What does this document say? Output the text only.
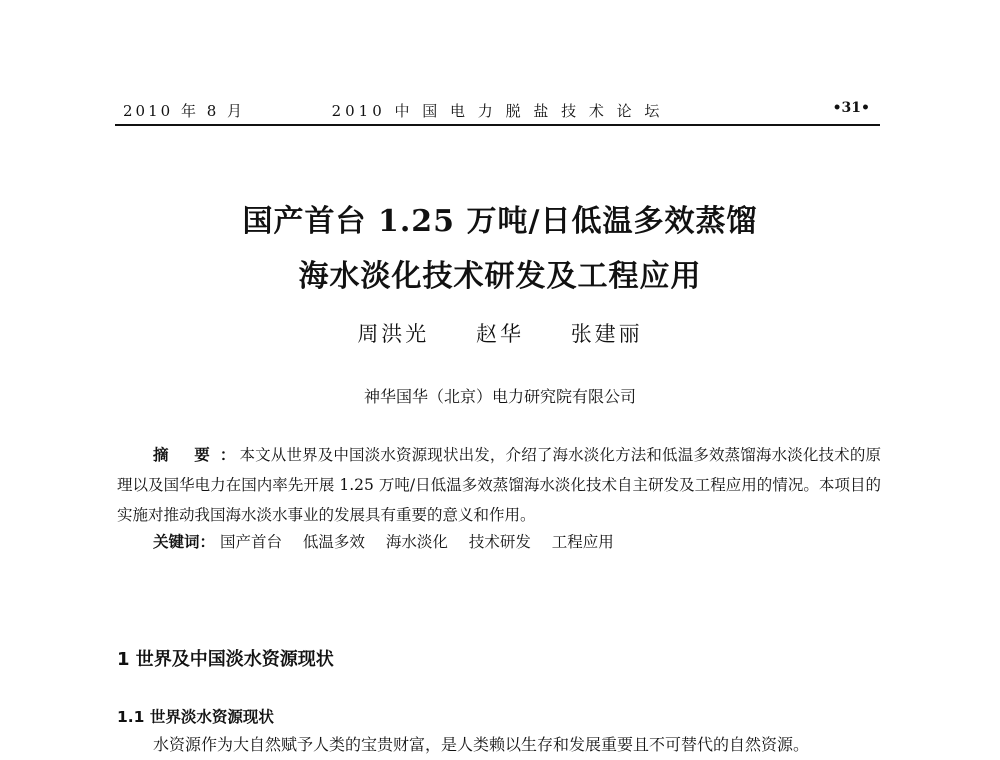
2010 年 8 月	2010 中 国 电 力 脱 盐 技 术 论 坛	•31•
国产首台 1.25 万吨/日低温多效蒸馏
海水淡化技术研发及工程应用
周洪光 赵华 张建丽
神华国华（北京）电力研究院有限公司

摘 要：本文从世界及中国淡水资源现状出发，介绍了海水淡化方法和低温多效蒸馏海水淡化技术的原理以及国华电力在国内率先开展 1.25 万吨/日低温多效蒸馏海水淡化技术自主研发及工程应用的情况。本项目的实施对推动我国海水淡水事业的发展具有重要的意义和作用。

关键词： 国产首台 低温多效 海水淡化 技术研发 工程应用
1 世界及中国淡水资源现状
1.1 世界淡水资源现状
水资源作为大自然赋予人类的宝贵财富，是人类赖以生存和发展重要且不可替代的自然资源。
